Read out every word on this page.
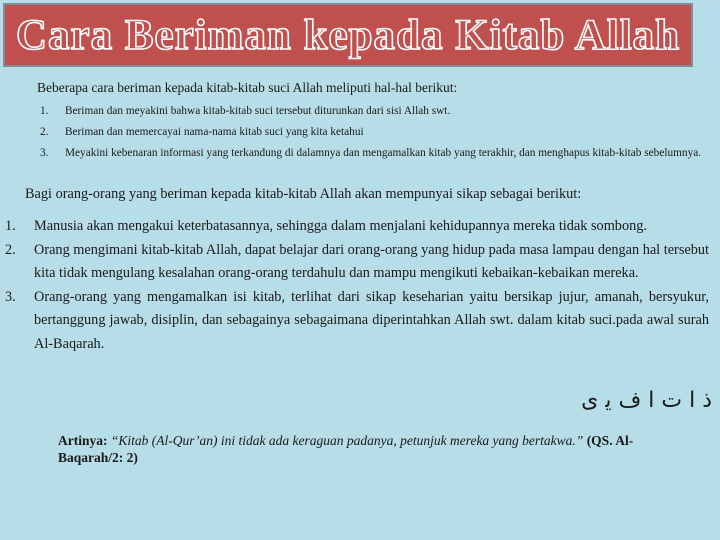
Cara Beriman kepada Kitab Allah
Beberapa cara beriman kepada kitab-kitab suci Allah meliputi hal-hal berikut:
1.	Beriman dan meyakini bahwa kitab-kitab suci tersebut diturunkan dari sisi Allah swt.
2.	Beriman dan memercayai nama-nama kitab suci yang kita ketahui
3.	Meyakini kebenaran informasi yang terkandung di dalamnya dan mengamalkan kitab yang terakhir, dan menghapus kitab-kitab sebelumnya.
Bagi orang-orang yang beriman kepada kitab-kitab Allah akan mempunyai sikap sebagai berikut:
1.	Manusia akan mengakui keterbatasannya, sehingga dalam menjalani kehidupannya mereka tidak sombong.
2.	Orang mengimani kitab-kitab Allah, dapat belajar dari orang-orang yang hidup pada masa lampau dengan hal tersebut kita tidak mengulang kesalahan orang-orang terdahulu dan mampu mengikuti kebaikan-kebaikan mereka.
3.	Orang-orang yang mengamalkan isi kitab, terlihat dari sikap keseharian yaitu bersikap jujur, amanah, bersyukur, bertanggung jawab, disiplin, dan sebagainya sebagaimana diperintahkan Allah swt. dalam kitab suci.pada awal surah Al-Baqarah.
ذ ا ت ا ﻑ ﻳ ى
Artinya: “Kitab (Al-Qur’an) ini tidak ada keraguan padanya, petunjuk mereka yang bertakwa.” (QS. Al-Baqarah/2: 2)
